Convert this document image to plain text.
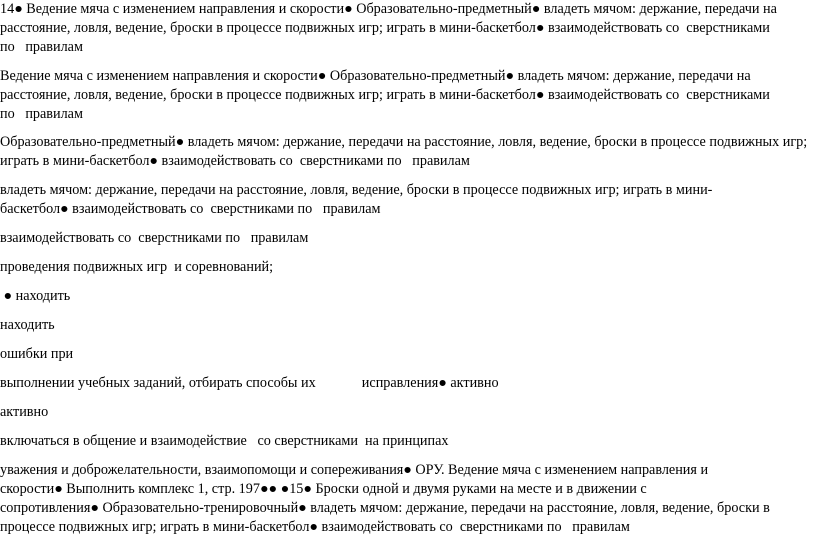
14● Ведение мяча с изменением направления и скорости● Образовательно-предметный● владеть мячом: держание, передачи на
расстояние, ловля, ведение, броски в процессе подвижных игр; играть в мини-баскетбол● взаимодействовать со  сверстниками
по   правилам
Ведение мяча с изменением направления и скорости● Образовательно-предметный● владеть мячом: держание, передачи на
расстояние, ловля, ведение, броски в процессе подвижных игр; играть в мини-баскетбол● взаимодействовать со  сверстниками
по   правилам
Образовательно-предметный● владеть мячом: держание, передачи на расстояние, ловля, ведение, броски в процессе подвижных игр;
играть в мини-баскетбол● взаимодействовать со  сверстниками по   правилам
владеть мячом: держание, передачи на расстояние, ловля, ведение, броски в процессе подвижных игр; играть в мини-
баскетбол● взаимодействовать со  сверстниками по   правилам
взаимодействовать со  сверстниками по   правилам
проведения подвижных игр  и соревнований;
● находить
находить
ошибки при
выполнении учебных заданий, отбирать способы их             исправления● активно
активно
включаться в общение и взаимодействие   со сверстниками  на принципах
уважения и доброжелательности, взаимопомощи и сопереживания● ОРУ. Ведение мяча с изменением направления и
скорости● Выполнить комплекс 1, стр. 197●● ●15● Броски одной и двумя руками на месте и в движении с
сопротивления● Образовательно-тренировочный● владеть мячом: держание, передачи на расстояние, ловля, ведение, броски в
процессе подвижных игр; играть в мини-баскетбол● взаимодействовать со  сверстниками по   правилам
